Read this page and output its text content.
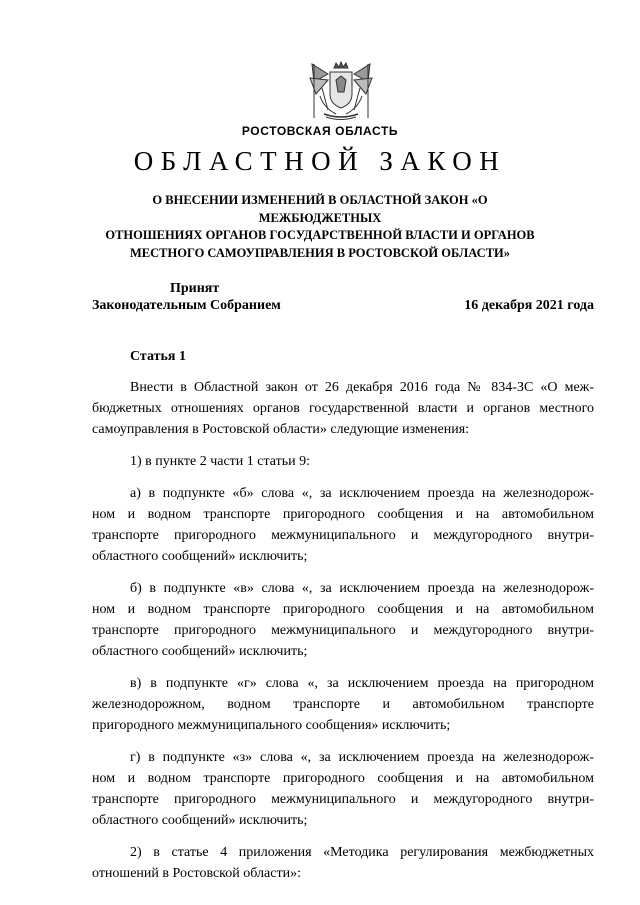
РОСТОВСКАЯ ОБЛАСТЬ
ОБЛАСТНОЙ ЗАКОН
О ВНЕСЕНИИ ИЗМЕНЕНИЙ В ОБЛАСТНОЙ ЗАКОН «О МЕЖБЮДЖЕТНЫХ
ОТНОШЕНИЯХ ОРГАНОВ ГОСУДАРСТВЕННОЙ ВЛАСТИ И ОРГАНОВ
МЕСТНОГО САМОУПРАВЛЕНИЯ В РОСТОВСКОЙ ОБЛАСТИ»
Принят
Законодательным Собранием	16 декабря 2021 года
Статья 1
Внести в Областной закон от 26 декабря 2016 года № 834-ЗС «О меж-
бюджетных отношениях органов государственной власти и органов местного
самоуправления в Ростовской области» следующие изменения:
1) в пункте 2 части 1 статьи 9:
а) в подпункте «б» слова «, за исключением проезда на железнодорож-
ном и водном транспорте пригородного сообщения и на автомобильном
транспорте пригородного межмуниципального и междугородного внутри-
областного сообщений» исключить;
б) в подпункте «в» слова «, за исключением проезда на железнодорож-
ном и водном транспорте пригородного сообщения и на автомобильном
транспорте пригородного межмуниципального и междугородного внутри-
областного сообщений» исключить;
в) в подпункте «г» слова «, за исключением проезда на пригородном
железнодорожном, водном транспорте и автомобильном транспорте
пригородного межмуниципального сообщения» исключить;
г) в подпункте «з» слова «, за исключением проезда на железнодорож-
ном и водном транспорте пригородного сообщения и на автомобильном
транспорте пригородного межмуниципального и междугородного внутри-
областного сообщений» исключить;
2) в статье 4 приложения «Методика регулирования межбюджетных
отношений в Ростовской области»:
